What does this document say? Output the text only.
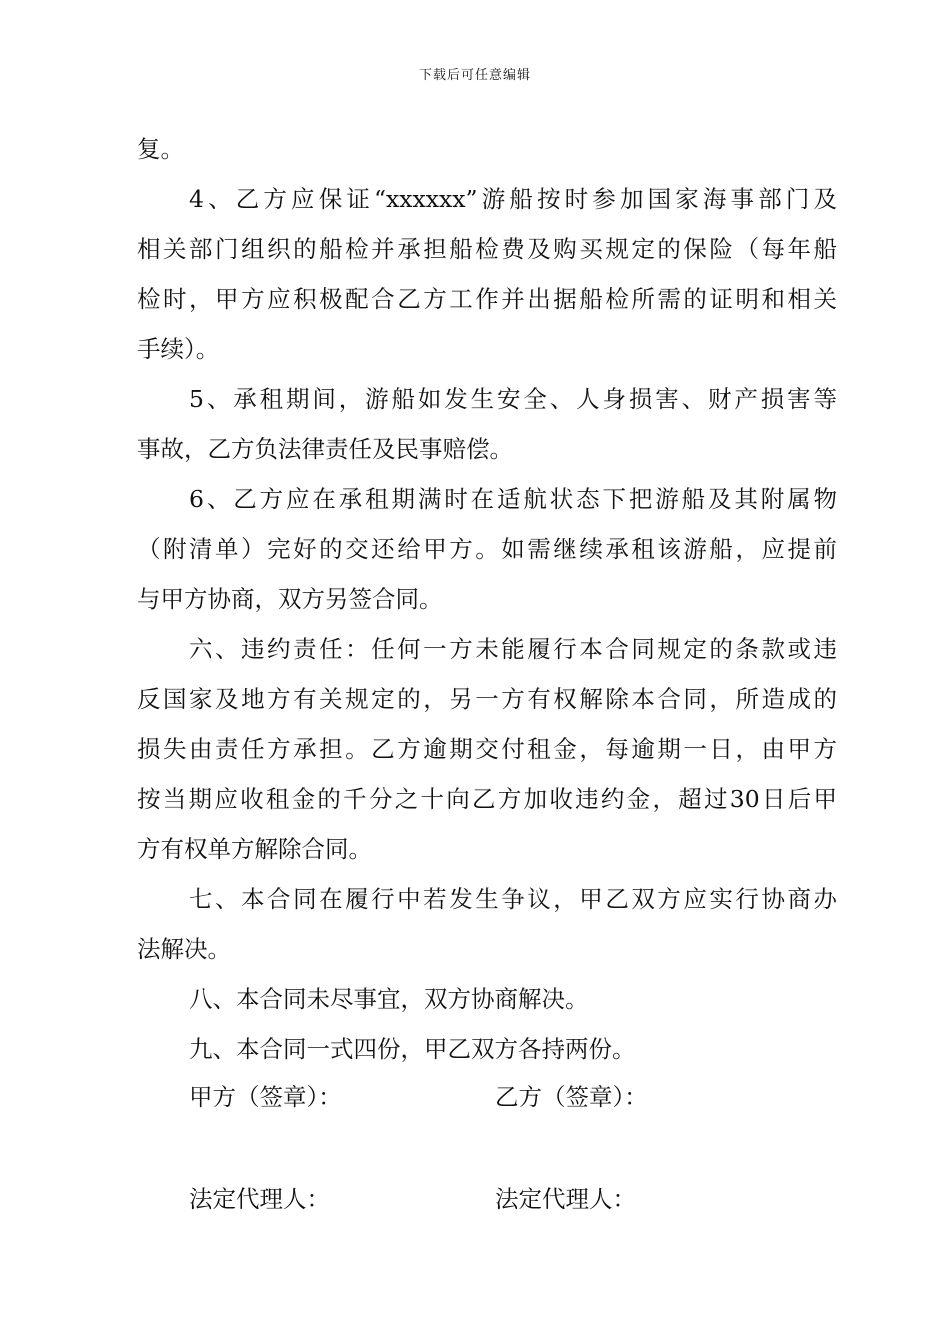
下载后可任意编辑
复。
4、乙方应保证“xxxxxx”游船按时参加国家海事部门及
相关部门组织的船检并承担船检费及购买规定的保险（每年船
检时，甲方应积极配合乙方工作并出据船检所需的证明和相关
手续）。
5、承租期间，游船如发生安全、人身损害、财产损害等
事故，乙方负法律责任及民事赔偿。
6、乙方应在承租期满时在适航状态下把游船及其附属物
（附清单）完好的交还给甲方。如需继续承租该游船，应提前
与甲方协商，双方另签合同。
六、违约责任：任何一方未能履行本合同规定的条款或违
反国家及地方有关规定的，另一方有权解除本合同，所造成的
损失由责任方承担。乙方逾期交付租金，每逾期一日，由甲方
按当期应收租金的千分之十向乙方加收违约金，超过30日后甲
方有权单方解除合同。
七、本合同在履行中若发生争议，甲乙双方应实行协商办
法解决。
八、本合同未尽事宜，双方协商解决。
九、本合同一式四份，甲乙双方各持两份。
甲方（签章）：	乙方（签章）：
法定代理人：	法定代理人：
